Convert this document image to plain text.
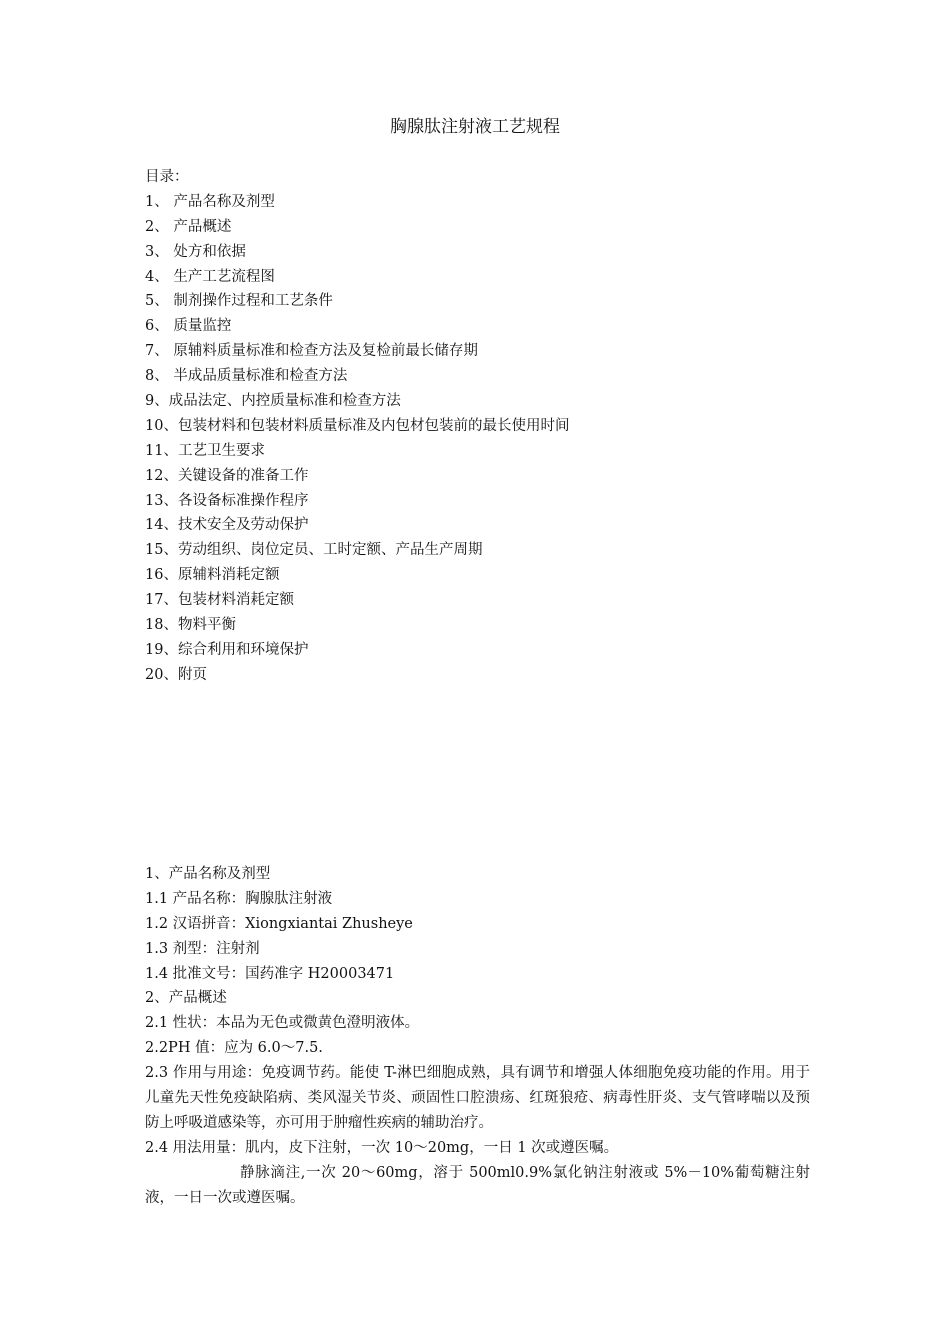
胸腺肽注射液工艺规程
目录：
1、 产品名称及剂型
2、 产品概述
3、 处方和依据
4、 生产工艺流程图
5、 制剂操作过程和工艺条件
6、 质量监控
7、 原辅料质量标准和检查方法及复检前最长储存期
8、 半成品质量标准和检查方法
9、成品法定、内控质量标准和检查方法
10、包装材料和包装材料质量标准及内包材包装前的最长使用时间
11、工艺卫生要求
12、关键设备的准备工作
13、各设备标准操作程序
14、技术安全及劳动保护
15、劳动组织、岗位定员、工时定额、产品生产周期
16、原辅料消耗定额
17、包装材料消耗定额
18、物料平衡
19、综合利用和环境保护
20、附页
1、产品名称及剂型
1.1 产品名称：胸腺肽注射液
1.2 汉语拼音：Xiongxiantai Zhusheye
1.3 剂型：注射剂
1.4 批准文号：国药准字 H20003471
2、产品概述
2.1 性状：本品为无色或微黄色澄明液体。
2.2PH 值：应为 6.0～7.5.
2.3 作用与用途：免疫调节药。能使 T-淋巴细胞成熟，具有调节和增强人体细胞免疫功能的作用。用于儿童先天性免疫缺陷病、类风湿关节炎、顽固性口腔溃疡、红斑狼疮、病毒性肝炎、支气管哮喘以及预防上呼吸道感染等，亦可用于肿瘤性疾病的辅助治疗。
2.4 用法用量：肌内，皮下注射，一次 10～20mg，一日 1 次或遵医嘱。
静脉滴注,一次 20～60mg，溶于 500ml0.9%氯化钠注射液或 5%－10%葡萄糖注射液，一日一次或遵医嘱。
